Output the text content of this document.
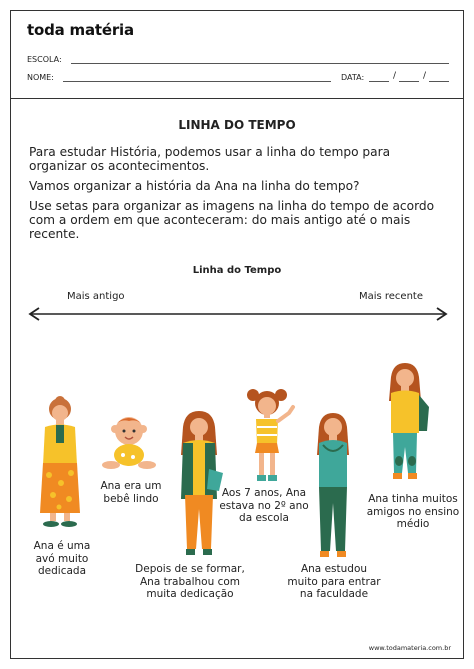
toda matéria
ESCOLA:
NOME:	DATA:	/	/
LINHA DO TEMPO
Para estudar História, podemos usar a linha do tempo para organizar os acontecimentos.
Vamos organizar a história da Ana na linha do tempo?
Use setas para organizar as imagens na linha do tempo de acordo com a ordem em que aconteceram: do mais antigo até o mais recente.
Linha do Tempo
Mais antigo	Mais recente
Ana é uma avó muito dedicada
Ana era um bebê lindo
Depois de se formar, Ana trabalhou com muita dedicação
Aos 7 anos, Ana estava no 2º ano da escola
Ana estudou muito para entrar na faculdade
Ana tinha muitos amigos no ensino médio
www.todamateria.com.br
